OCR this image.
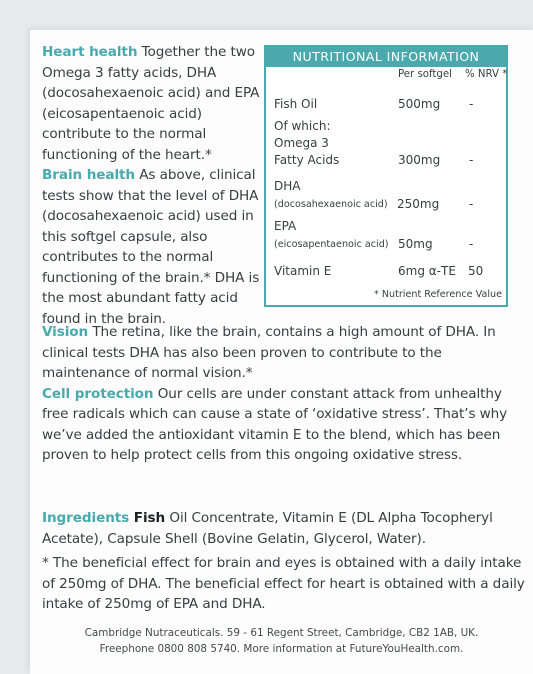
Heart health Together the two Omega 3 fatty acids, DHA (docosahexaenoic acid) and EPA (eicosapentaenoic acid) contribute to the normal functioning of the heart.*

Brain health As above, clinical tests show that the level of DHA (docosahexaenoic acid) used in this softgel capsule, also contributes to the normal functioning of the brain.* DHA is the most abundant fatty acid found in the brain.

NUTRITIONAL INFORMATION
Per softgel % NRV *
Fish Oil	500mg -
Of which:
Omega 3
Fatty Acids	300mg -
DHA
(docosahexaenoic acid) 250mg -
EPA
(eicosapentaenoic acid) 50mg	-
Vitamin E	6mg α-TE 50
* Nutrient Reference Value

Vision The retina, like the brain, contains a high amount of DHA. In clinical tests DHA has also been proven to contribute to the maintenance of normal vision.*

Cell protection Our cells are under constant attack from unhealthy free radicals which can cause a state of ‘oxidative stress’. That’s why we’ve added the antioxidant vitamin E to the blend, which has been proven to help protect cells from this ongoing oxidative stress.

Ingredients Fish Oil Concentrate, Vitamin E (DL Alpha Tocopheryl Acetate), Capsule Shell (Bovine Gelatin, Glycerol, Water).
* The beneficial effect for brain and eyes is obtained with a daily intake of 250mg of DHA. The beneficial effect for heart is obtained with a daily intake of 250mg of EPA and DHA.
Cambridge Nutraceuticals. 59 - 61 Regent Street, Cambridge, CB2 1AB, UK.
Freephone 0800 808 5740. More information at FutureYouHealth.com.
